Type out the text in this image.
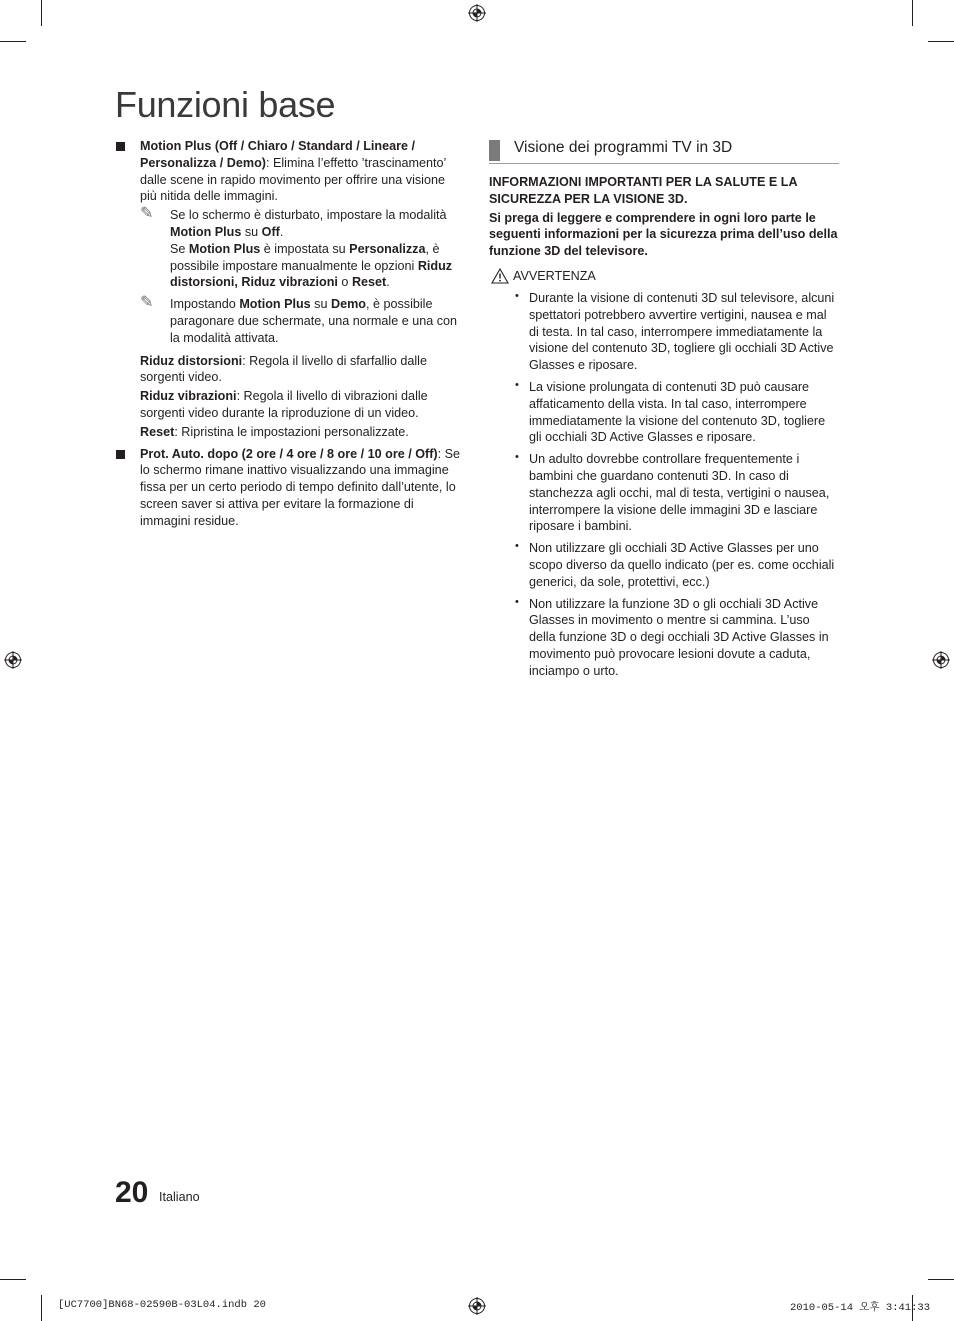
Funzioni base

Motion Plus (Off / Chiaro / Standard / Lineare / Personalizza / Demo): Elimina l’effetto ’trascinamento’ dalle scene in rapido movimento per offrire una visione più nitida delle immagini.

✎ Se lo schermo è disturbato, impostare la modalità Motion Plus su Off.
Se Motion Plus è impostata su Personalizza, è possibile impostare manualmente le opzioni Riduz distorsioni, Riduz vibrazioni o Reset.

✎ Impostando Motion Plus su Demo, è possibile paragonare due schermate, una normale e una con la modalità attivata.

Riduz distorsioni: Regola il livello di sfarfallio dalle sorgenti video.

Riduz vibrazioni: Regola il livello di vibrazioni dalle sorgenti video durante la riproduzione di un video.

Reset: Ripristina le impostazioni personalizzate.

Prot. Auto. dopo (2 ore / 4 ore / 8 ore / 10 ore / Off): Se lo schermo rimane inattivo visualizzando una immagine fissa per un certo periodo di tempo definito dall’utente, lo screen saver si attiva per evitare la formazione di immagini residue.

Visione dei programmi TV in 3D

INFORMAZIONI IMPORTANTI PER LA SALUTE E LA SICUREZZA PER LA VISIONE 3D.

Si prega di leggere e comprendere in ogni loro parte le seguenti informazioni per la sicurezza prima dell’uso della funzione 3D del televisore.

AVVERTENZA
• Durante la visione di contenuti 3D sul televisore, alcuni spettatori potrebbero avvertire vertigini, nausea e mal di testa. In tal caso, interrompere immediatamente la visione del contenuto 3D, togliere gli occhiali 3D Active Glasses e riposare.
• La visione prolungata di contenuti 3D può causare affaticamento della vista. In tal caso, interrompere immediatamente la visione del contenuto 3D, togliere gli occhiali 3D Active Glasses e riposare.
• Un adulto dovrebbe controllare frequentemente i bambini che guardano contenuti 3D. In caso di stanchezza agli occhi, mal di testa, vertigini o nausea, interrompere la visione delle immagini 3D e lasciare riposare i bambini.
• Non utilizzare gli occhiali 3D Active Glasses per uno scopo diverso da quello indicato (per es. come occhiali generici, da sole, protettivi, ecc.)
• Non utilizzare la funzione 3D o gli occhiali 3D Active Glasses in movimento o mentre si cammina. L’uso della funzione 3D o degi occhiali 3D Active Glasses in movimento può provocare lesioni dovute a caduta, inciampo o urto.
20 Italiano
[UC7700]BN68-02590B-03L04.indb 20	2010-05-14 오후 3:41:33
